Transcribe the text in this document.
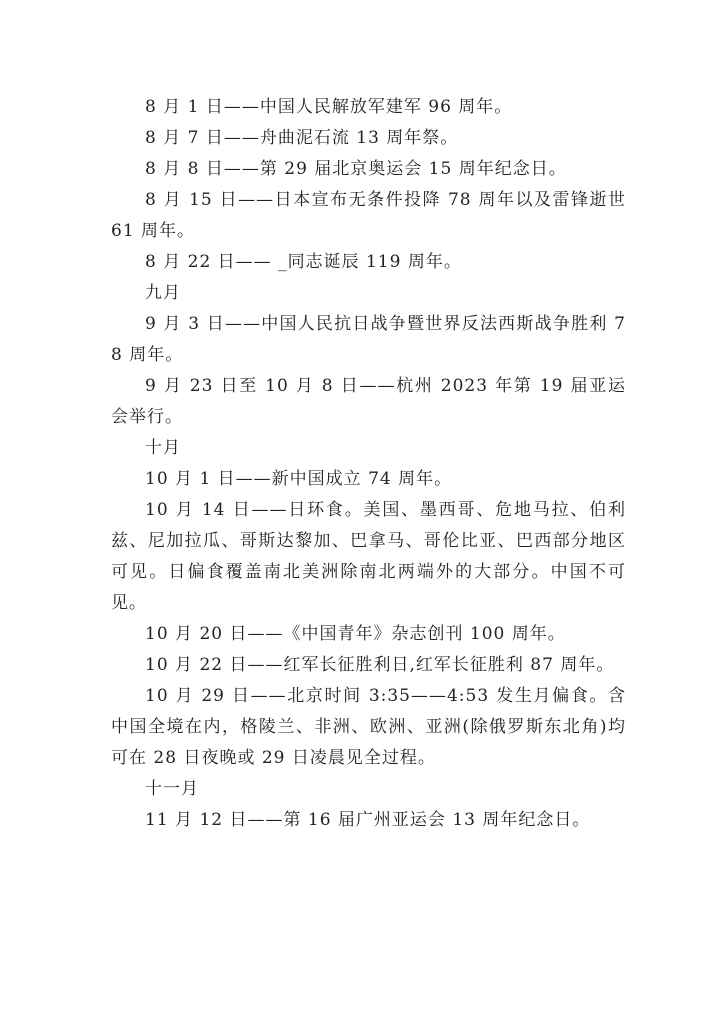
8 月 1 日——中国人民解放军建军 96 周年。

8 月 7 日——舟曲泥石流 13 周年祭。

8 月 8 日——第 29 届北京奥运会 15 周年纪念日。

8 月 15 日——日本宣布无条件投降 78 周年以及雷锋逝世 61 周年。

8 月 22 日—— _同志诞辰 119 周年。

九月

9 月 3 日——中国人民抗日战争暨世界反法西斯战争胜利 78 周年。

9 月 23 日至 10 月 8 日——杭州 2023 年第 19 届亚运会举行。

十月

10 月 1 日——新中国成立 74 周年。

10 月 14 日——日环食。美国、墨西哥、危地马拉、伯利兹、尼加拉瓜、哥斯达黎加、巴拿马、哥伦比亚、巴西部分地区可见。日偏食覆盖南北美洲除南北两端外的大部分。中国不可见。

10 月 20 日——《中国青年》杂志创刊 100 周年。

10 月 22 日——红军长征胜利日,红军长征胜利 87 周年。

10 月 29 日——北京时间 3:35——4:53 发生月偏食。含中国全境在内，格陵兰、非洲、欧洲、亚洲(除俄罗斯东北角)均可在 28 日夜晚或 29 日凌晨见全过程。

十一月

11 月 12 日——第 16 届广州亚运会 13 周年纪念日。
